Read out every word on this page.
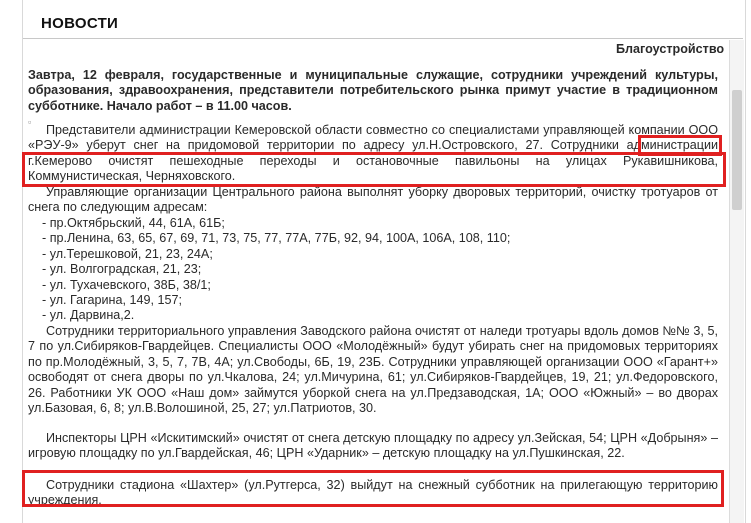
НОВОСТИ
Благоустройство
Завтра, 12 февраля, государственные и муниципальные служащие, сотрудники учреждений культуры, образования, здравоохранения, представители потребительского рынка примут участие в традиционном субботнике. Начало работ – в 11.00 часов.
▫
Представители администрации Кемеровской области совместно со специалистами управляющей компании ООО «РЭУ-9» уберут снег на придомовой территории по адресу ул.Н.Островского, 27. Сотрудники администрации г.Кемерово очистят пешеходные переходы и остановочные павильоны на улицах Рукавишникова, Коммунистическая, Черняховского.
Управляющие организации Центрального района выполнят уборку дворовых территорий, очистку тротуаров от снега по следующим адресам:
- пр.Октябрьский, 44, 61А, 61Б;
- пр.Ленина, 63, 65, 67, 69, 71, 73, 75, 77, 77А, 77Б, 92, 94, 100А, 106А, 108, 110;
- ул.Терешковой, 21, 23, 24А;
- ул. Волгоградская, 21, 23;
- ул. Тухачевского, 38Б, 38/1;
- ул. Гагарина, 149, 157;
- ул. Дарвина,2.
Сотрудники территориального управления Заводского района очистят от наледи тротуары вдоль домов №№ 3, 5, 7 по ул.Сибиряков-Гвардейцев. Специалисты ООО «Молодёжный» будут убирать снег на придомовых территориях по пр.Молодёжный, 3, 5, 7, 7В, 4А; ул.Свободы, 6Б, 19, 23Б. Сотрудники управляющей организации ООО «Гарант+» освободят от снега дворы по ул.Чкалова, 24; ул.Мичурина, 61; ул.Сибиряков-Гвардейцев, 19, 21; ул.Федоровского, 26. Работники УК ООО «Наш дом» займутся уборкой снега на ул.Предзаводская, 1А; ООО «Южный» – во дворах ул.Базовая, 6, 8; ул.В.Волошиной, 25, 27; ул.Патриотов, 30.
Инспекторы ЦРН «Искитимский» очистят от снега детскую площадку по адресу ул.Зейская, 54; ЦРН «Добрыня» – игровую площадку по ул.Гвардейская, 46; ЦРН «Ударник» – детскую площадку на ул.Пушкинская, 22.
Сотрудники стадиона «Шахтер» (ул.Рутгерса, 32) выйдут на снежный субботник на прилегающую территорию учреждения.
